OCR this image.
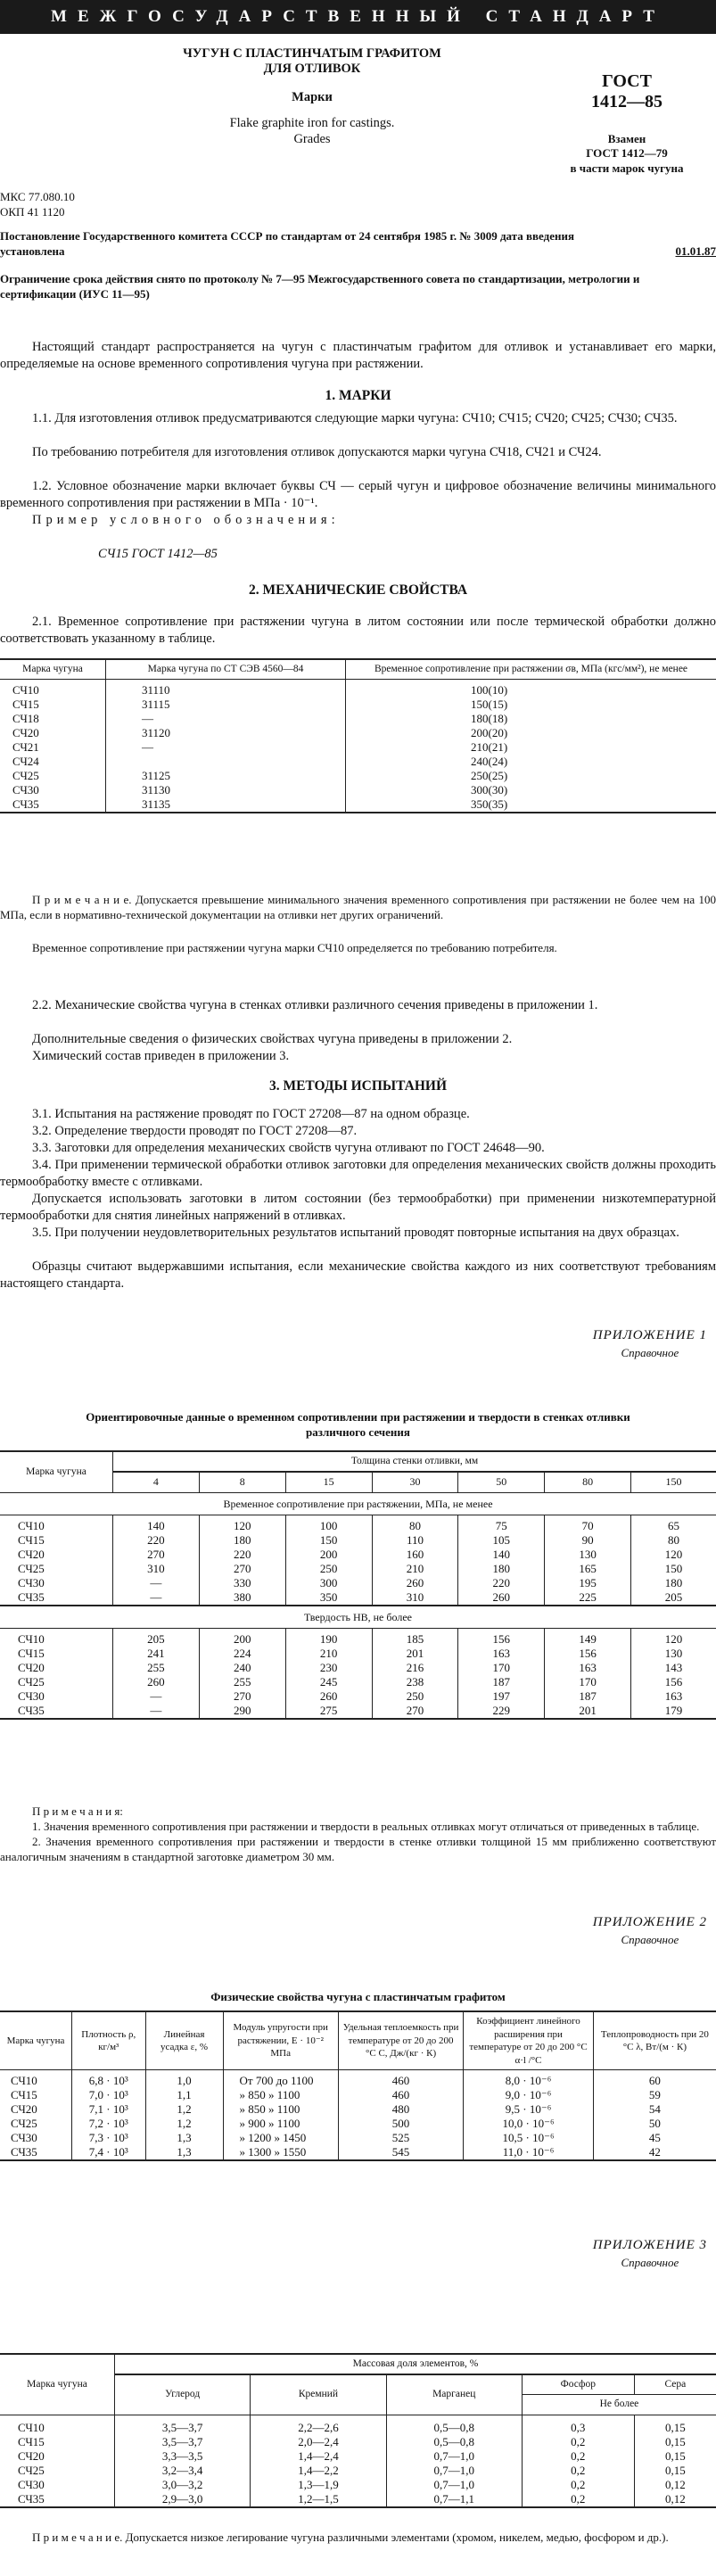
МЕЖГОСУДАРСТВЕННЫЙ СТАНДАРТ
ЧУГУН С ПЛАСТИНЧАТЫМ ГРАФИТОМ
ДЛЯ ОТЛИВОК
Марки
Flake graphite iron for castings.
Grades
ГОСТ
1412—85
Взамен
ГОСТ 1412—79
в части марок чугуна
МКС 77.080.10
ОКП 41 1120
Постановление Государственного комитета СССР по стандартам от 24 сентября 1985 г. № 3009 дата введения
установлена	01.01.87
Ограничение срока действия снято по протоколу № 7—95 Межгосударственного совета по стандартизации, метрологии и сертификации (ИУС 11—95)
Настоящий стандарт распространяется на чугун с пластинчатым графитом для отливок и устанавливает его марки, определяемые на основе временного сопротивления чугуна при растяжении.
1. МАРКИ
1.1. Для изготовления отливок предусматриваются следующие марки чугуна: СЧ10; СЧ15; СЧ20; СЧ25; СЧ30; СЧ35.
По требованию потребителя для изготовления отливок допускаются марки чугуна СЧ18, СЧ21 и СЧ24.
1.2. Условное обозначение марки включает буквы СЧ — серый чугун и цифровое обозначение величины минимального временного сопротивления при растяжении в МПа · 10⁻¹.
Пример условного обозначения:
СЧ15 ГОСТ 1412—85
2. МЕХАНИЧЕСКИЕ СВОЙСТВА
2.1. Временное сопротивление при растяжении чугуна в литом состоянии или после термической обработки должно соответствовать указанному в таблице.
Марка чугуна	Марка чугуна по СТ СЭВ 4560—84	Временное сопротивление при растяжении σв, МПа (кгс/мм²), не менее
СЧ10	31110	100(10)
СЧ15	31115	150(15)
СЧ18	—	180(18)
СЧ20	31120	200(20)
СЧ21	—	210(21)
СЧ24		240(24)
СЧ25	31125	250(25)
СЧ30	31130	300(30)
СЧ35	31135	350(35)
П р и м е ч а н и е. Допускается превышение минимального значения временного сопротивления при растяжении не более чем на 100 МПа, если в нормативно-технической документации на отливки нет других ограничений.
Временное сопротивление при растяжении чугуна марки СЧ10 определяется по требованию потребителя.
2.2. Механические свойства чугуна в стенках отливки различного сечения приведены в приложении 1.
Дополнительные сведения о физических свойствах чугуна приведены в приложении 2.
Химический состав приведен в приложении 3.
3. МЕТОДЫ ИСПЫТАНИЙ
3.1. Испытания на растяжение проводят по ГОСТ 27208—87 на одном образце.
3.2. Определение твердости проводят по ГОСТ 27208—87.
3.3. Заготовки для определения механических свойств чугуна отливают по ГОСТ 24648—90.
3.4. При применении термической обработки отливок заготовки для определения механических свойств должны проходить термообработку вместе с отливками.
Допускается использовать заготовки в литом состоянии (без термообработки) при применении низкотемпературной термообработки для снятия линейных напряжений в отливках.
3.5. При получении неудовлетворительных результатов испытаний проводят повторные испытания на двух образцах.
Образцы считают выдержавшими испытания, если механические свойства каждого из них соответствуют требованиям настоящего стандарта.
ПРИЛОЖЕНИЕ 1
Справочное
Ориентировочные данные о временном сопротивлении при растяжении и твердости в стенках отливки
различного сечения
Марка чугуна	Толщина стенки отливки, мм						
	4	8	15	30	50	80	150
Временное сопротивление при растяжении, МПа, не менее							
СЧ10	140	120	100	80	75	70	65
СЧ15	220	180	150	110	105	90	80
СЧ20	270	220	200	160	140	130	120
СЧ25	310	270	250	210	180	165	150
СЧ30	—	330	300	260	220	195	180
СЧ35	—	380	350	310	260	225	205
Твердость НВ, не более							
СЧ10	205	200	190	185	156	149	120
СЧ15	241	224	210	201	163	156	130
СЧ20	255	240	230	216	170	163	143
СЧ25	260	255	245	238	187	170	156
СЧ30	—	270	260	250	197	187	163
СЧ35	—	290	275	270	229	201	179
П р и м е ч а н и я:
1. Значения временного сопротивления при растяжении и твердости в реальных отливках могут отличаться от приведенных в таблице.
2. Значения временного сопротивления при растяжении и твердости в стенке отливки толщиной 15 мм приближенно соответствуют аналогичным значениям в стандартной заготовке диаметром 30 мм.
ПРИЛОЖЕНИЕ 2
Справочное
Физические свойства чугуна с пластинчатым графитом
Марка чугуна	Плотность ρ, кг/м³	Линейная усадка ε, %	Модуль упругости при растяжении, E · 10⁻² МПа	Удельная теплоемкость при температуре от 20 до 200 °С С, Дж/(кг · К)	Коэффициент линейного расширения при температуре от 20 до 200 °С α·l /°С	Теплопроводность при 20 °С λ, Вт/(м · К)
СЧ10	6,8 · 10³	1,0	От 700 до 1100	460	8,0 · 10⁻⁶	60
СЧ15	7,0 · 10³	1,1	» 850 » 1100	460	9,0 · 10⁻⁶	59
СЧ20	7,1 · 10³	1,2	» 850 » 1100	480	9,5 · 10⁻⁶	54
СЧ25	7,2 · 10³	1,2	» 900 » 1100	500	10,0 · 10⁻⁶	50
СЧ30	7,3 · 10³	1,3	» 1200 » 1450	525	10,5 · 10⁻⁶	45
СЧ35	7,4 · 10³	1,3	» 1300 » 1550	545	11,0 · 10⁻⁶	42
ПРИЛОЖЕНИЕ 3
Справочное
Марка чугуна	Массовая доля элементов, %				
	Углерод	Кремний	Марганец	Фосфор	Сера
				Не более	
СЧ10	3,5—3,7	2,2—2,6	0,5—0,8	0,3	0,15
СЧ15	3,5—3,7	2,0—2,4	0,5—0,8	0,2	0,15
СЧ20	3,3—3,5	1,4—2,4	0,7—1,0	0,2	0,15
СЧ25	3,2—3,4	1,4—2,2	0,7—1,0	0,2	0,15
СЧ30	3,0—3,2	1,3—1,9	0,7—1,0	0,2	0,12
СЧ35	2,9—3,0	1,2—1,5	0,7—1,1	0,2	0,12
П р и м е ч а н и е. Допускается низкое легирование чугуна различными элементами (хромом, никелем, медью, фосфором и др.).
